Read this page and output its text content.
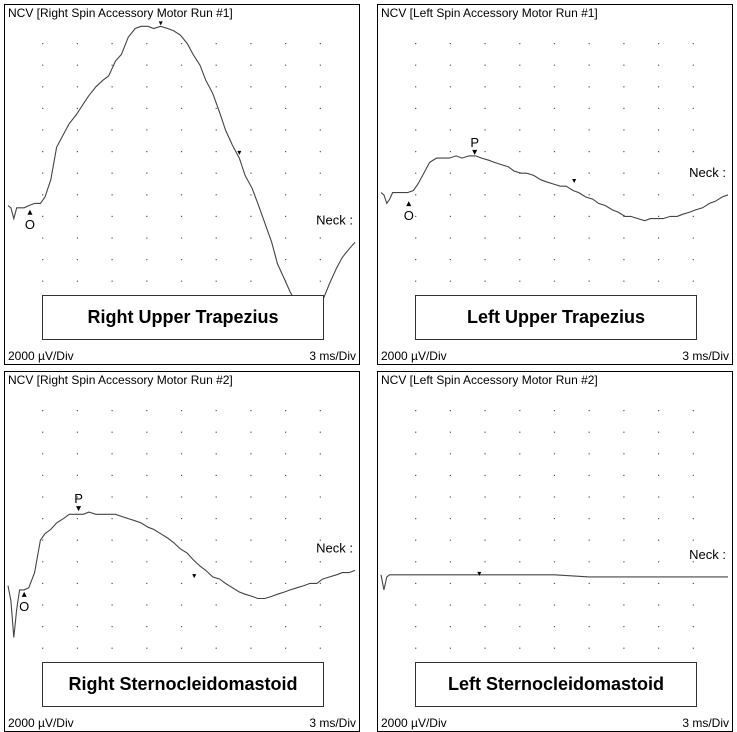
NCV [Right Spin Accessory Motor Run #1]
O	Neck :
Right Upper Trapezius
2000 µV/Div	3 ms/Div
NCV [Left Spin Accessory Motor Run #1]
O
P
Neck :
Left Upper Trapezius
2000 µV/Div	3 ms/Div
NCV [Right Spin Accessory Motor Run #2]
O
P
Neck :
Right Sternocleidomastoid
2000 µV/Div	3 ms/Div
NCV [Left Spin Accessory Motor Run #2]
Neck :
Left Sternocleidomastoid
2000 µV/Div	3 ms/Div
